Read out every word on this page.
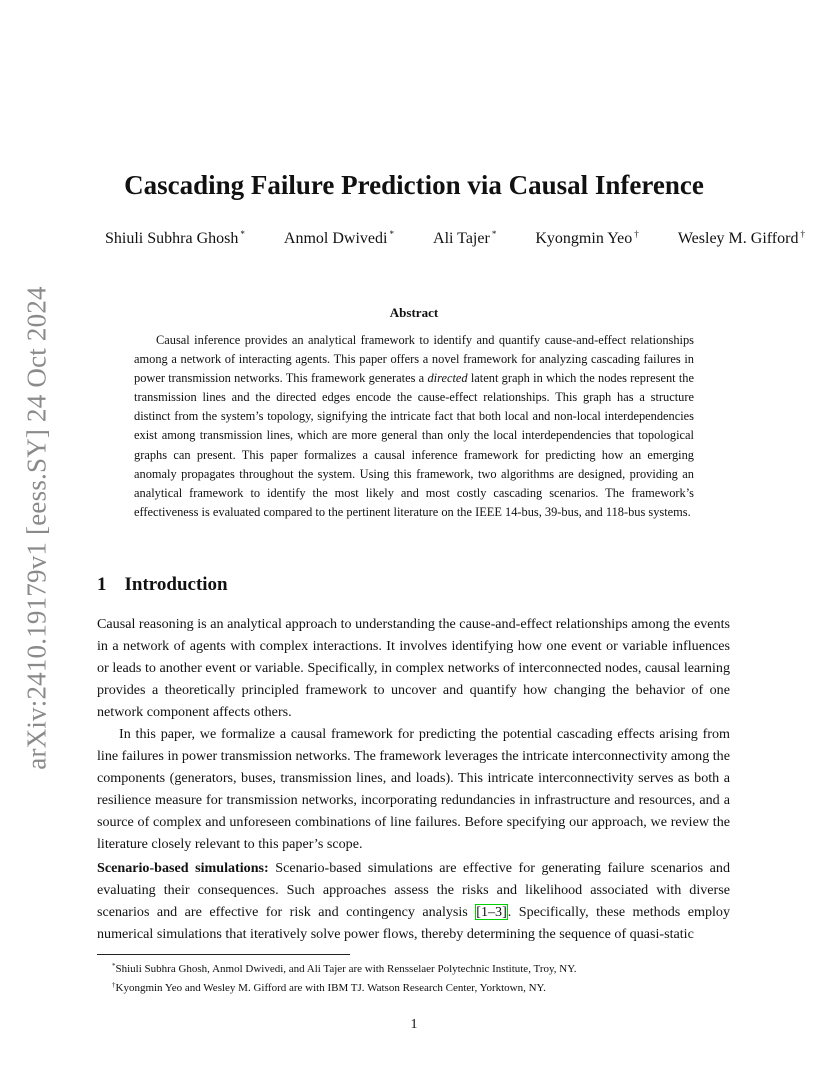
arXiv:2410.19179v1 [eess.SY] 24 Oct 2024
Cascading Failure Prediction via Causal Inference
Shiuli Subhra Ghosh * Anmol Dwivedi * Ali Tajer * Kyongmin Yeo † Wesley M. Gifford †
Abstract

Causal inference provides an analytical framework to identify and quantify cause-and-effect relationships among a network of interacting agents. This paper offers a novel framework for analyzing cascading failures in power transmission networks. This framework generates a directed latent graph in which the nodes represent the transmission lines and the directed edges encode the cause-effect relationships. This graph has a structure distinct from the system’s topology, signifying the intricate fact that both local and non-local interdependencies exist among transmission lines, which are more general than only the local interdependencies that topological graphs can present. This paper formalizes a causal inference framework for predicting how an emerging anomaly propagates throughout the system. Using this framework, two algorithms are designed, providing an analytical framework to identify the most likely and most costly cascading scenarios. The framework’s effectiveness is evaluated compared to the pertinent literature on the IEEE 14-bus, 39-bus, and 118-bus systems.

1 Introduction

Causal reasoning is an analytical approach to understanding the cause-and-effect relationships among the events in a network of agents with complex interactions. It involves identifying how one event or variable influences or leads to another event or variable. Specifically, in complex networks of interconnected nodes, causal learning provides a theoretically principled framework to uncover and quantify how changing the behavior of one network component affects others.

In this paper, we formalize a causal framework for predicting the potential cascading effects arising from line failures in power transmission networks. The framework leverages the intricate interconnectivity among the components (generators, buses, transmission lines, and loads). This intricate interconnectivity serves as both a resilience measure for transmission networks, incorporating redundancies in infrastructure and resources, and a source of complex and unforeseen combinations of line failures. Before specifying our approach, we review the literature closely relevant to this paper’s scope.

Scenario-based simulations: Scenario-based simulations are effective for generating failure scenarios and evaluating their consequences. Such approaches assess the risks and likelihood associated with diverse scenarios and are effective for risk and contingency analysis [1–3]. Specifically, these methods employ numerical simulations that iteratively solve power flows, thereby determining the sequence of quasi-static

*Shiuli Subhra Ghosh, Anmol Dwivedi, and Ali Tajer are with Rensselaer Polytechnic Institute, Troy, NY.
†Kyongmin Yeo and Wesley M. Gifford are with IBM TJ. Watson Research Center, Yorktown, NY.
1
